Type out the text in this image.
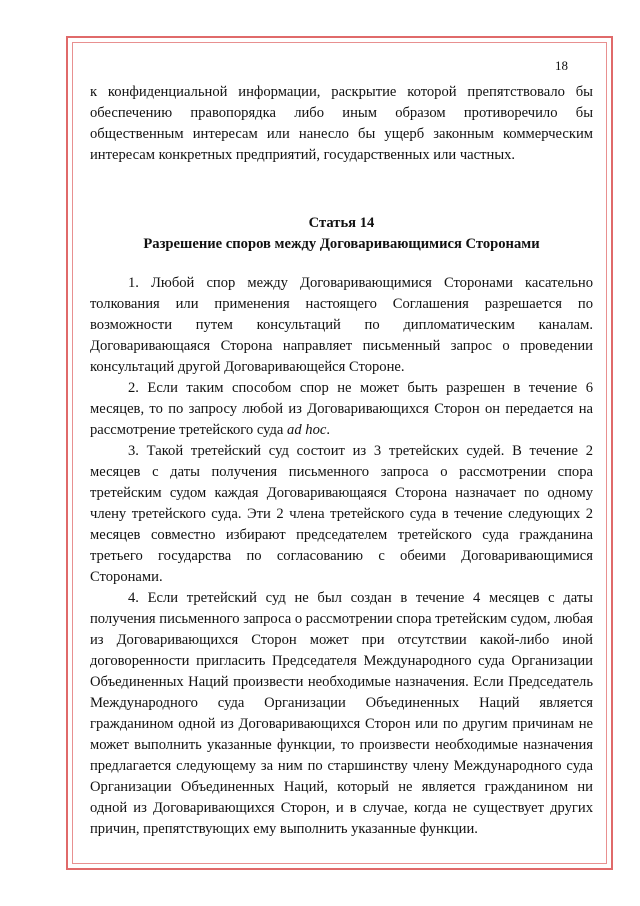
18

к конфиденциальной информации, раскрытие которой препятствовало бы обеспечению правопорядка либо иным образом противоречило бы общественным интересам или нанесло бы ущерб законным коммерческим интересам конкретных предприятий, государственных или частных.

Статья 14

Разрешение споров между Договаривающимися Сторонами

1. Любой спор между Договаривающимися Сторонами касательно толкования или применения настоящего Соглашения разрешается по возможности путем консультаций по дипломатическим каналам. Договаривающаяся Сторона направляет письменный запрос о проведении консультаций другой Договаривающейся Стороне.

2. Если таким способом спор не может быть разрешен в течение 6 месяцев, то по запросу любой из Договаривающихся Сторон он передается на рассмотрение третейского суда ad hoc.

3. Такой третейский суд состоит из 3 третейских судей. В течение 2 месяцев с даты получения письменного запроса о рассмотрении спора третейским судом каждая Договаривающаяся Сторона назначает по одному члену третейского суда. Эти 2 члена третейского суда в течение следующих 2 месяцев совместно избирают председателем третейского суда гражданина третьего государства по согласованию с обеими Договаривающимися Сторонами.

4. Если третейский суд не был создан в течение 4 месяцев с даты получения письменного запроса о рассмотрении спора третейским судом, любая из Договаривающихся Сторон может при отсутствии какой-либо иной договоренности пригласить Председателя Международного суда Организации Объединенных Наций произвести необходимые назначения. Если Председатель Международного суда Организации Объединенных Наций является гражданином одной из Договаривающихся Сторон или по другим причинам не может выполнить указанные функции, то произвести необходимые назначения предлагается следующему за ним по старшинству члену Международного суда Организации Объединенных Наций, который не является гражданином ни одной из Договаривающихся Сторон, и в случае, когда не существует других причин, препятствующих ему выполнить указанные функции.
